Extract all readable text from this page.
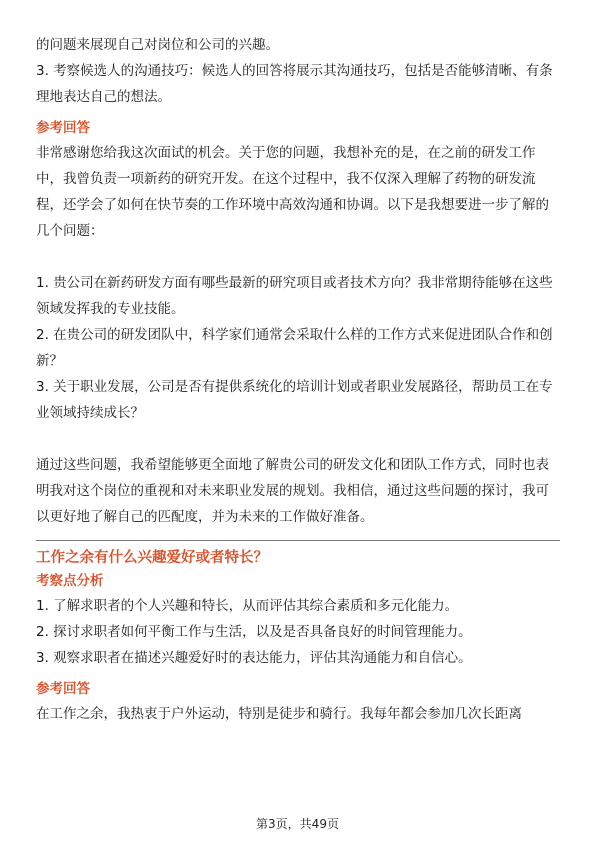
的问题来展现自己对岗位和公司的兴趣。

3. 考察候选人的沟通技巧：候选人的回答将展示其沟通技巧，包括是否能够清晰、有条理地表达自己的想法。

参考回答

非常感谢您给我这次面试的机会。关于您的问题，我想补充的是，在之前的研发工作中，我曾负责一项新药的研究开发。在这个过程中，我不仅深入理解了药物的研发流程，还学会了如何在快节奏的工作环境中高效沟通和协调。以下是我想要进一步了解的几个问题：

1. 贵公司在新药研发方面有哪些最新的研究项目或者技术方向？我非常期待能够在这些领域发挥我的专业技能。

2. 在贵公司的研发团队中，科学家们通常会采取什么样的工作方式来促进团队合作和创新？

3. 关于职业发展，公司是否有提供系统化的培训计划或者职业发展路径，帮助员工在专业领域持续成长？

通过这些问题，我希望能够更全面地了解贵公司的研发文化和团队工作方式，同时也表明我对这个岗位的重视和对未来职业发展的规划。我相信，通过这些问题的探讨，我可以更好地了解自己的匹配度，并为未来的工作做好准备。

工作之余有什么兴趣爱好或者特长？
考察点分析

1. 了解求职者的个人兴趣和特长，从而评估其综合素质和多元化能力。

2. 探讨求职者如何平衡工作与生活，以及是否具备良好的时间管理能力。

3. 观察求职者在描述兴趣爱好时的表达能力，评估其沟通能力和自信心。

参考回答

在工作之余，我热衷于户外运动，特别是徒步和骑行。我每年都会参加几次长距离

第3页，共49页
